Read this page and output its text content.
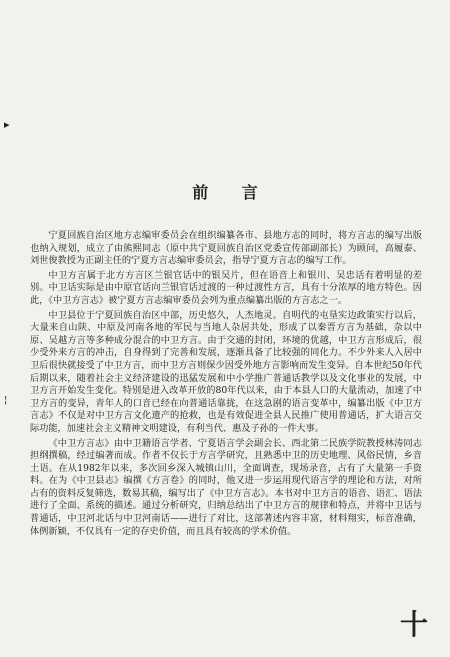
▸
¦
十
前 言

宁夏回族自治区地方志编审委员会在组织编纂各市、县地方志的同时，将方言志的编写出版也纳入规划，成立了由熊熙同志（原中共宁夏回族自治区党委宣传部副部长）为顾问，高履泰、刘世俊教授为正副主任的宁夏方言志编审委员会，指导宁夏方言志的编写工作。

中卫方言属于北方方言区兰银官话中的银吴片，但在语音上和银川、吴忠话有着明显的差别。中卫话实际是由中原官话向兰银官话过渡的一种过渡性方言，具有十分浓厚的地方特色。因此，《中卫方言志》被宁夏方言志编审委员会列为重点编纂出版的方言志之一。

中卫县位于宁夏回族自治区中部，历史悠久，人杰地灵。自明代的屯垦实边政策实行以后，大量来自山陕、中原及河南各地的军民与当地人杂居共处，形成了以秦晋方言为基础，杂以中原、吴越方言等多种成分混合的中卫方言。由于交通的封闭，环境的优越，中卫方言形成后，很少受外来方言的冲击，自身得到了完善和发展，逐渐具备了比较强的同化力。不少外来人入居中卫后很快就接受了中卫方言，而中卫方言则保少因受外地方言影响而发生变异。自本世纪50年代后期以来，随着社会主义经济建设的迅猛发展和中小学推广普通话教学以及文化事业的发展，中卫方言开始发生变化。特别是进入改革开放的80年代以来，由于本县人口的大量流动，加速了中卫方言的变异，青年人的口音已经在向普通话靠拢，在这急剧的语言变革中，编纂出版《中卫方言志》不仅是对中卫方言文化遗产的抢救，也是有效促进全县人民推广使用普通话，扩大语言交际功能，加速社会主义精神文明建设，有利当代、惠及子孙的一件大事。

《中卫方言志》由中卫籍语言学者、宁夏语言学会副会长、西北第二民族学院教授林涛同志担纲撰稿，经过编著而成。作者不仅长于方言学研究，且熟悉中卫的历史地理、风俗民情，乡音土语。在从1982年以来，多次回乡深入城镇山川，全面调查，现场录音，占有了大量第一手资料。在为《中卫县志》编撰《方言卷》的同时，他又进一步运用现代语言学的理论和方法，对所占有的资料反复筛选，数易其稿，编写出了《中卫方言志》。本书对中卫方言的语音、语汇、语法进行了全面、系统的描述。通过分析研究，归纳总结出了中卫方言的规律和特点，并将中卫话与普通话，中卫河北话与中卫河南话——进行了对比，这部著述内容丰富，材料翔实，标音准确，体例新颖，不仅具有一定的存史价值，而且具有较高的学术价值。
